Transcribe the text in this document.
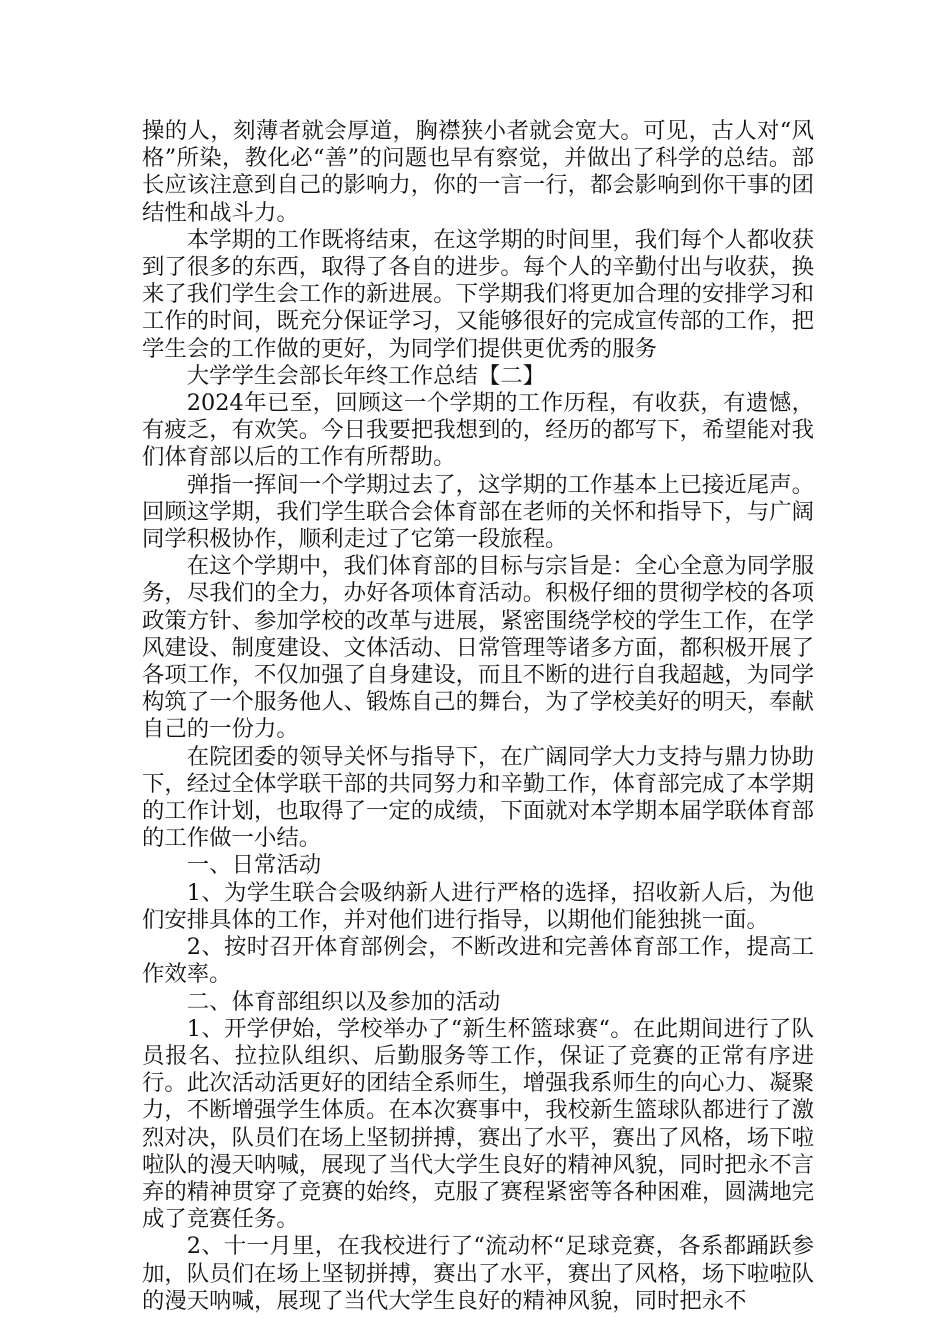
操的人，刻薄者就会厚道，胸襟狭小者就会宽大。可见，古人对“风格”所染，教化必“善”的问题也早有察觉，并做出了科学的总结。部长应该注意到自己的影响力，你的一言一行，都会影响到你干事的团结性和战斗力。

本学期的工作既将结束，在这学期的时间里，我们每个人都收获到了很多的东西，取得了各自的进步。每个人的辛勤付出与收获，换来了我们学生会工作的新进展。下学期我们将更加合理的安排学习和工作的时间，既充分保证学习，又能够很好的完成宣传部的工作，把学生会的工作做的更好，为同学们提供更优秀的服务

大学学生会部长年终工作总结【二】

2024年已至，回顾这一个学期的工作历程，有收获，有遗憾，有疲乏，有欢笑。今日我要把我想到的，经历的都写下，希望能对我们体育部以后的工作有所帮助。

弹指一挥间一个学期过去了，这学期的工作基本上已接近尾声。回顾这学期，我们学生联合会体育部在老师的关怀和指导下，与广阔同学积极协作，顺利走过了它第一段旅程。

在这个学期中，我们体育部的目标与宗旨是：全心全意为同学服务，尽我们的全力，办好各项体育活动。积极仔细的贯彻学校的各项政策方针、参加学校的改革与进展，紧密围绕学校的学生工作，在学风建设、制度建设、文体活动、日常管理等诸多方面，都积极开展了各项工作，不仅加强了自身建设，而且不断的进行自我超越，为同学构筑了一个服务他人、锻炼自己的舞台，为了学校美好的明天，奉献自己的一份力。

在院团委的领导关怀与指导下，在广阔同学大力支持与鼎力协助下，经过全体学联干部的共同努力和辛勤工作，体育部完成了本学期的工作计划，也取得了一定的成绩，下面就对本学期本届学联体育部的工作做一小结。

一、日常活动

1、为学生联合会吸纳新人进行严格的选择，招收新人后，为他们安排具体的工作，并对他们进行指导，以期他们能独挑一面。

2、按时召开体育部例会，不断改进和完善体育部工作，提高工作效率。

二、体育部组织以及参加的活动

1、开学伊始，学校举办了“新生杯篮球赛“。在此期间进行了队员报名、拉拉队组织、后勤服务等工作，保证了竞赛的正常有序进行。此次活动活更好的团结全系师生，增强我系师生的向心力、凝聚力，不断增强学生体质。在本次赛事中，我校新生篮球队都进行了激烈对决，队员们在场上坚韧拼搏，赛出了水平，赛出了风格，场下啦啦队的漫天呐喊，展现了当代大学生良好的精神风貌，同时把永不言弃的精神贯穿了竞赛的始终，克服了赛程紧密等各种困难，圆满地完成了竞赛任务。

2、十一月里，在我校进行了“流动杯“足球竞赛，各系都踊跃参加，队员们在场上坚韧拼搏，赛出了水平，赛出了风格，场下啦啦队的漫天呐喊，展现了当代大学生良好的精神风貌，同时把永不
